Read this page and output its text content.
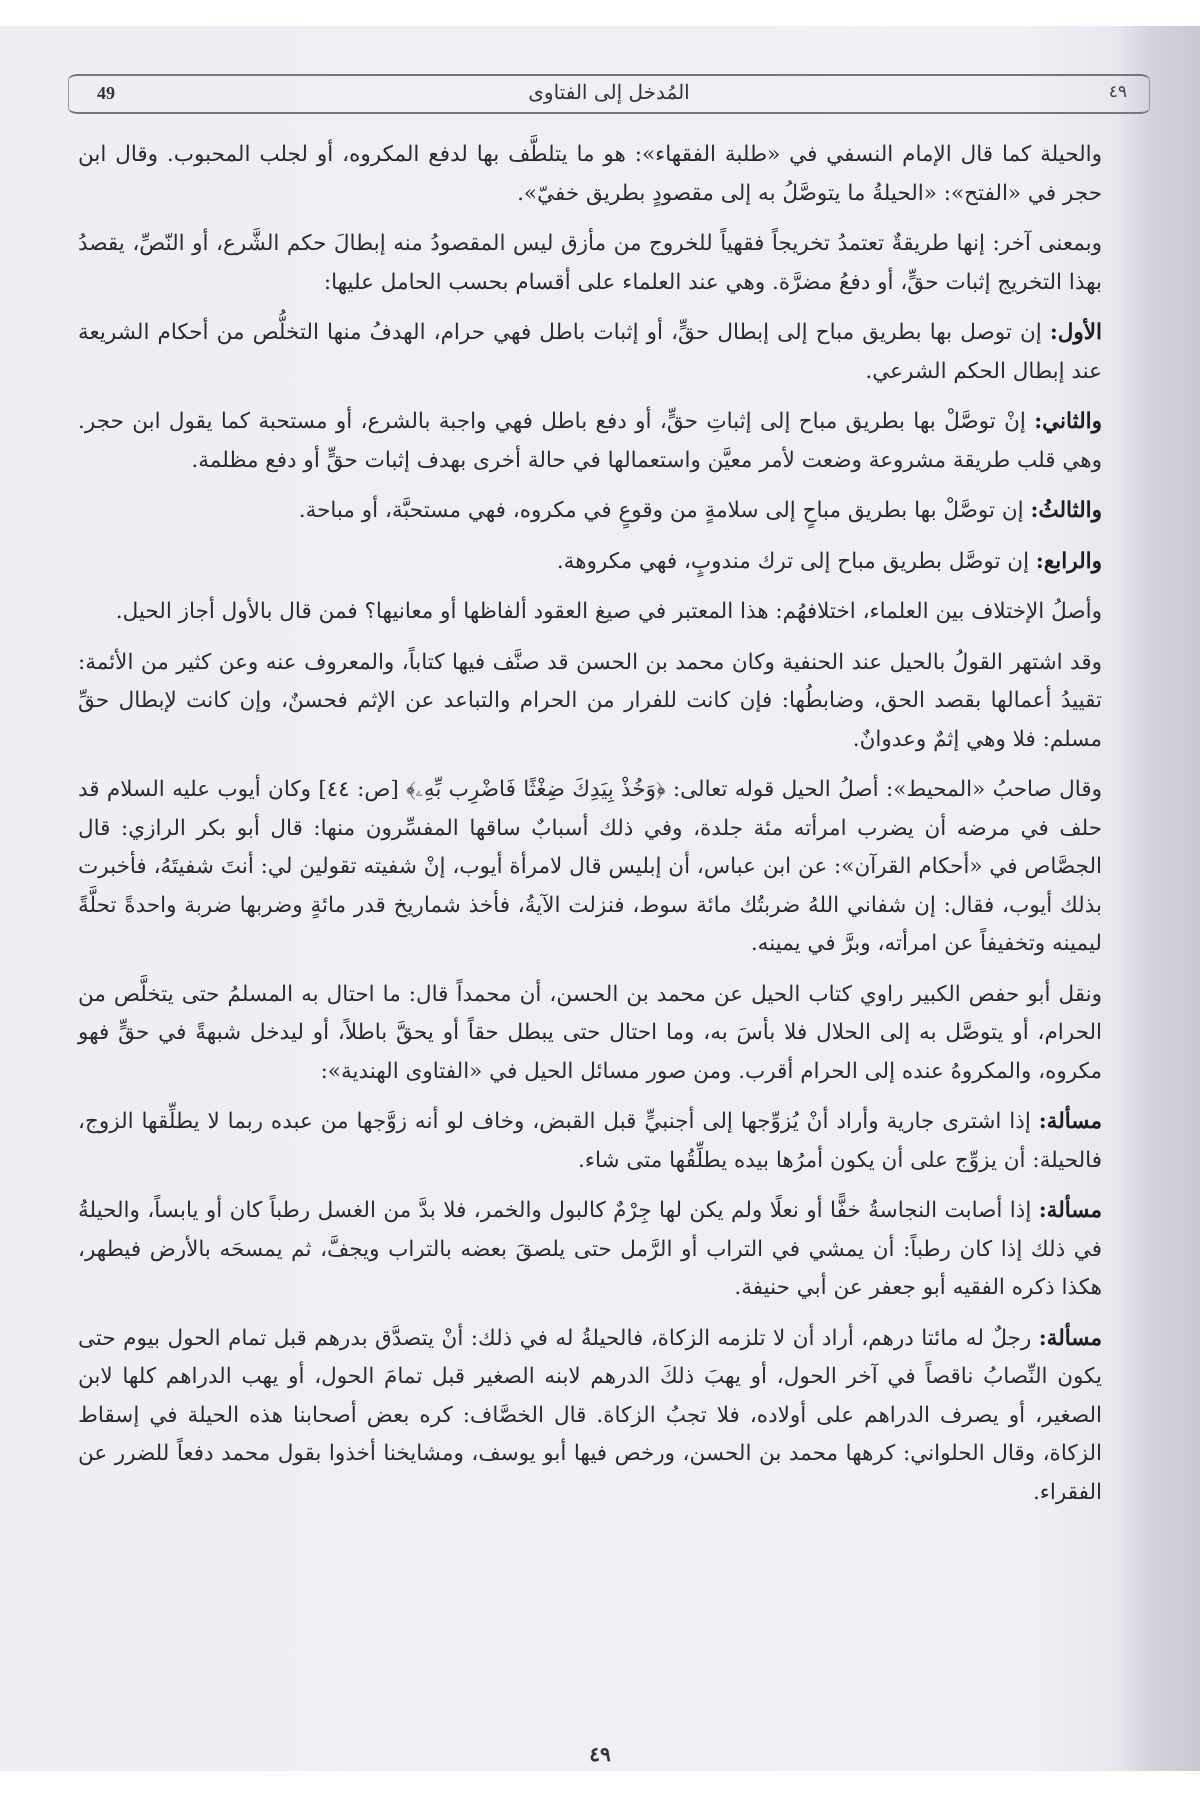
49	المُدخل إلى الفتاوى	٤٩

والحيلة كما قال الإمام النسفي في «طلبة الفقهاء»: هو ما يتلطَّف بها لدفع المكروه، أو لجلب المحبوب. وقال ابن حجر في «الفتح»: «الحيلةُ ما يتوصَّلُ به إلى مقصودٍ بطريق خفيّ».

وبمعنى آخر: إنها طريقةٌ تعتمدُ تخريجاً فقهياً للخروج من مأزق ليس المقصودُ منه إبطالَ حكم الشَّرع، أو النّصِّ، يقصدُ بهذا التخريج إثبات حقٍّ، أو دفعُ مضرَّة. وهي عند العلماء على أقسام بحسب الحامل عليها:

الأول: إن توصل بها بطريق مباح إلى إبطال حقٍّ، أو إثبات باطل فهي حرام، الهدفُ منها التخلُّص من أحكام الشريعة عند إبطال الحكم الشرعي.

والثاني: إنْ توصَّلْ بها بطريق مباح إلى إثباتِ حقٍّ، أو دفع باطل فهي واجبة بالشرع، أو مستحبة كما يقول ابن حجر. وهي قلب طريقة مشروعة وضعت لأمر معيَّن واستعمالها في حالة أخرى بهدف إثبات حقٍّ أو دفع مظلمة.

والثالثُ: إن توصَّلْ بها بطريق مباحٍ إلى سلامةٍ من وقوعٍ في مكروه، فهي مستحبَّة، أو مباحة.

والرابع: إن توصَّل بطريق مباح إلى ترك مندوبٍ، فهي مكروهة.

وأصلُ الإختلاف بين العلماء، اختلافهُم: هذا المعتبر في صيغ العقود ألفاظها أو معانيها؟ فمن قال بالأول أجاز الحيل.

وقد اشتهر القولُ بالحيل عند الحنفية وكان محمد بن الحسن قد صنَّف فيها كتاباً، والمعروف عنه وعن كثير من الأئمة: تقييدُ أعمالها بقصد الحق، وضابطُها: فإن كانت للفرار من الحرام والتباعد عن الإثم فحسنٌ، وإن كانت لإبطال حقِّ مسلم: فلا وهي إثمٌ وعدوانٌ.

وقال صاحبُ «المحيط»: أصلُ الحيل قوله تعالى: ﴿وَخُذْ بِيَدِكَ ضِغْثًا فَاضْرِب بِّهِۦ﴾ [ص: ٤٤] وكان أيوب عليه السلام قد حلف في مرضه أن يضرب امرأته مئة جلدة، وفي ذلك أسبابٌ ساقها المفسِّرون منها: قال أبو بكر الرازي: قال الجصَّاص في «أحكام القرآن»: عن ابن عباس، أن إبليس قال لامرأة أيوب، إنْ شفيته تقولين لي: أنتَ شفيتَهُ، فأخبرت بذلك أيوب، فقال: إن شفاني اللهُ ضربتُك مائة سوط، فنزلت الآيةُ، فأخذ شماريخ قدر مائةٍ وضربها ضربة واحدةً تحلَّةً ليمينه وتخفيفاً عن امرأته، وبرَّ في يمينه.

ونقل أبو حفص الكبير راوي كتاب الحيل عن محمد بن الحسن، أن محمداً قال: ما احتال به المسلمُ حتى يتخلَّص من الحرام، أو يتوصَّل به إلى الحلال فلا بأسَ به، وما احتال حتى يبطل حقاً أو يحقَّ باطلاً، أو ليدخل شبهةً في حقٍّ فهو مكروه، والمكروهُ عنده إلى الحرام أقرب. ومن صور مسائل الحيل في «الفتاوى الهندية»:

مسألة: إذا اشترى جارية وأراد أنْ يُزوِّجها إلى أجنبيٍّ قبل القبض، وخاف لو أنه زوَّجها من عبده ربما لا يطلِّقها الزوج، فالحيلة: أن يزوِّج على أن يكون أمرُها بيده يطلِّقُها متى شاء.

مسألة: إذا أصابت النجاسةُ خفًّا أو نعلًا ولم يكن لها جِرْمٌ كالبول والخمر، فلا بدَّ من الغسل رطباً كان أو يابساً، والحيلةُ في ذلك إذا كان رطباً: أن يمشي في التراب أو الرَّمل حتى يلصقَ بعضه بالتراب ويجفَّ، ثم يمسحَه بالأرض فيطهر، هكذا ذكره الفقيه أبو جعفر عن أبي حنيفة.

مسألة: رجلٌ له مائتا درهم، أراد أن لا تلزمه الزكاة، فالحيلةُ له في ذلك: أنْ يتصدَّق بدرهم قبل تمام الحول بيوم حتى يكون النِّصابُ ناقصاً في آخر الحول، أو يهبَ ذلكَ الدرهم لابنه الصغير قبل تمامَ الحول، أو يهب الدراهم كلها لابن الصغير، أو يصرف الدراهم على أولاده، فلا تجبُ الزكاة. قال الخصَّاف: كره بعض أصحابنا هذه الحيلة في إسقاط الزكاة، وقال الحلواني: كرهها محمد بن الحسن، ورخص فيها أبو يوسف، ومشايخنا أخذوا بقول محمد دفعاً للضرر عن الفقراء.

٤٩
